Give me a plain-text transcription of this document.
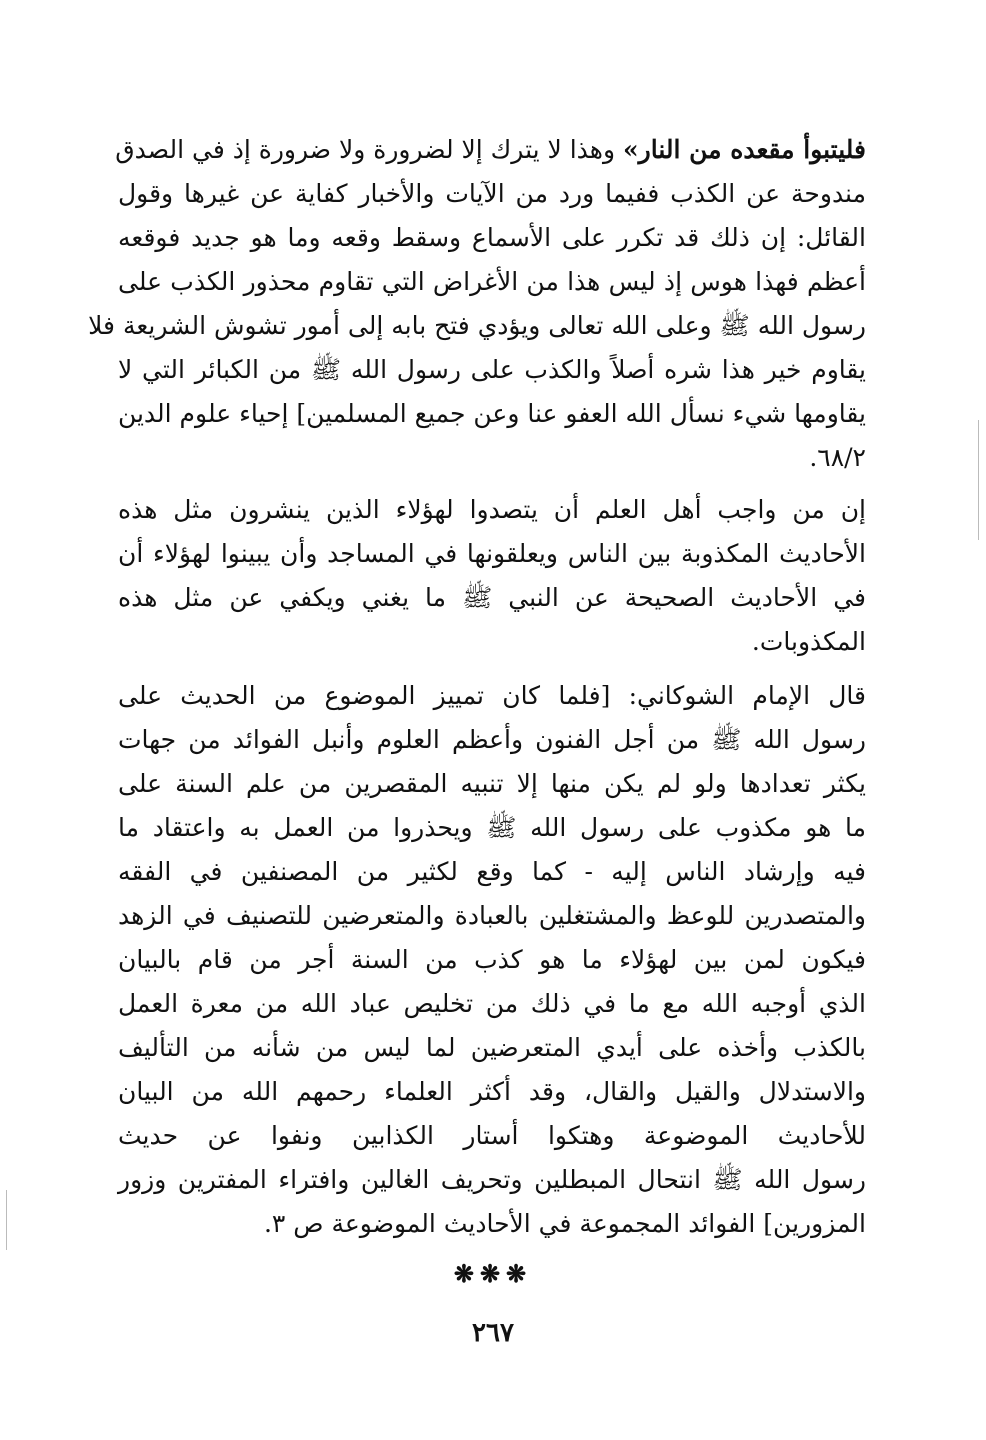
فليتبوأ مقعده من النار» وهذا لا يترك إلا لضرورة ولا ضرورة إذ في الصدق
مندوحة عن الكذب ففيما ورد من الآيات والأخبار كفاية عن غيرها وقول
القائل: إن ذلك قد تكرر على الأسماع وسقط وقعه وما هو جديد فوقعه
أعظم فهذا هوس إذ ليس هذا من الأغراض التي تقاوم محذور الكذب على
رسول الله ﷺ وعلى الله تعالى ويؤدي فتح بابه إلى أمور تشوش الشريعة فلا
يقاوم خير هذا شره أصلاً والكذب على رسول الله ﷺ من الكبائر التي لا
يقاومها شيء نسأل الله العفو عنا وعن جميع المسلمين] إحياء علوم الدين
٦٨/٢.
إن من واجب أهل العلم أن يتصدوا لهؤلاء الذين ينشرون مثل هذه
الأحاديث المكذوبة بين الناس ويعلقونها في المساجد وأن يبينوا لهؤلاء أن
في الأحاديث الصحيحة عن النبي ﷺ ما يغني ويكفي عن مثل هذه
المكذوبات.
قال الإمام الشوكاني: [فلما كان تمييز الموضوع من الحديث على
رسول الله ﷺ من أجل الفنون وأعظم العلوم وأنبل الفوائد من جهات
يكثر تعدادها ولو لم يكن منها إلا تنبيه المقصرين من علم السنة على
ما هو مكذوب على رسول الله ﷺ ويحذروا من العمل به واعتقاد ما
فيه وإرشاد الناس إليه - كما وقع لكثير من المصنفين في الفقه
والمتصدرين للوعظ والمشتغلين بالعبادة والمتعرضين للتصنيف في الزهد
فيكون لمن بين لهؤلاء ما هو كذب من السنة أجر من قام بالبيان
الذي أوجبه الله مع ما في ذلك من تخليص عباد الله من معرة العمل
بالكذب وأخذه على أيدي المتعرضين لما ليس من شأنه من التأليف
والاستدلال والقيل والقال، وقد أكثر العلماء رحمهم الله من البيان
للأحاديث الموضوعة وهتكوا أستار الكذابين ونفوا عن حديث
رسول الله ﷺ انتحال المبطلين وتحريف الغالين وافتراء المفترين وزور
المزورين] الفوائد المجموعة في الأحاديث الموضوعة ص ٣.
❋❋❋
٢٦٧
